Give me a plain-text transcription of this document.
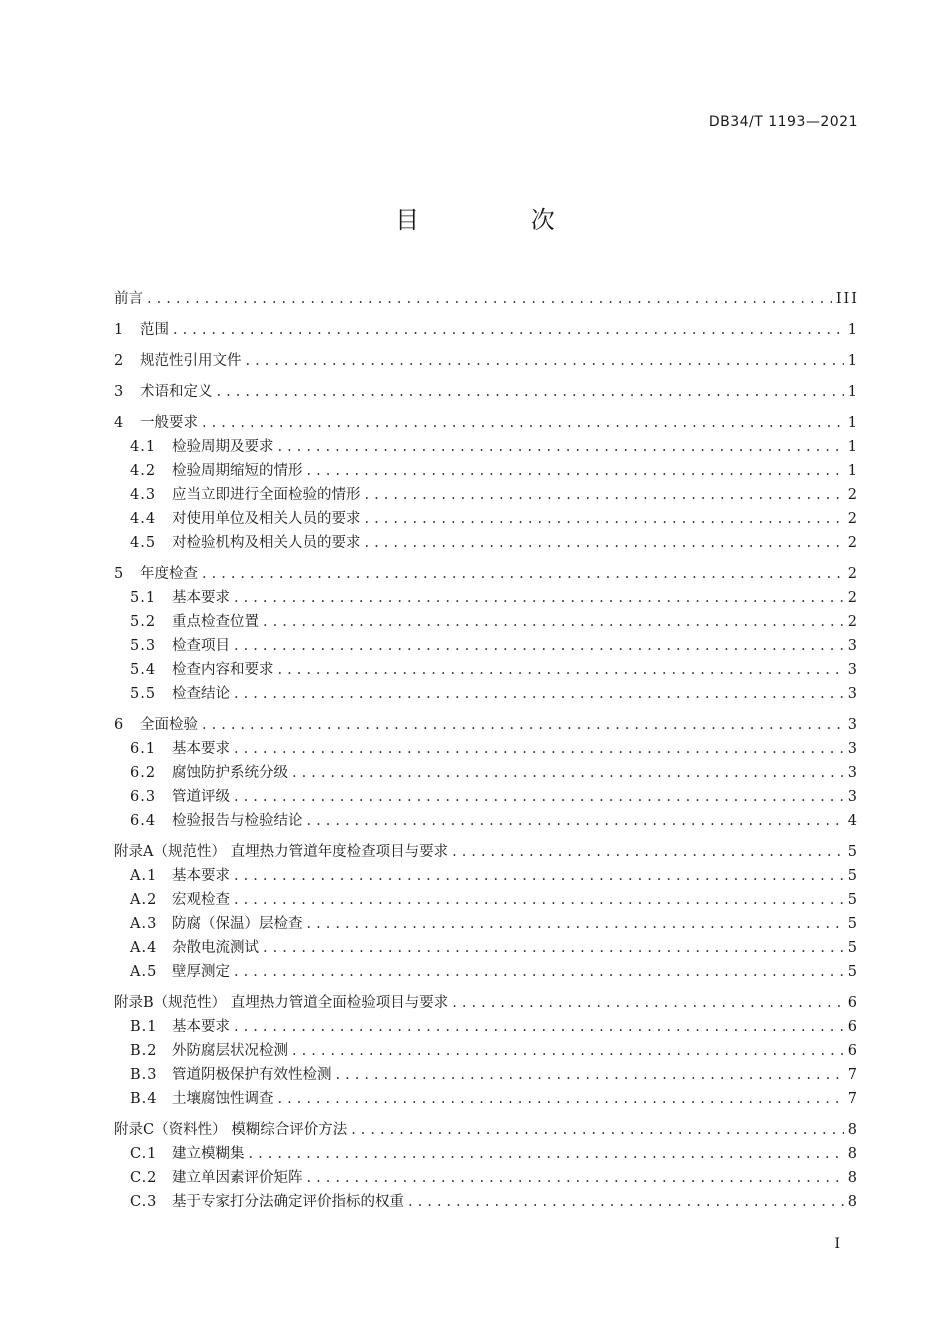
DB34/T 1193—2021
目 次
前言 .....	III
1	范围 .....	1
2	规范性引用文件 .....	1
3	术语和定义 .....	1
4	一般要求 .....	1
4.1	检验周期及要求 .....	1
4.2	检验周期缩短的情形 .....	1
4.3	应当立即进行全面检验的情形 .....	2
4.4	对使用单位及相关人员的要求 .....	2
4.5	对检验机构及相关人员的要求 .....	2
5	年度检查 .....	2
5.1	基本要求 .....	2
5.2	重点检查位置 .....	2
5.3	检查项目 .....	3
5.4	检查内容和要求 .....	3
5.5	检查结论 .....	3
6	全面检验 .....	3
6.1	基本要求 .....	3
6.2	腐蚀防护系统分级 .....	3
6.3	管道评级 .....	3
6.4	检验报告与检验结论 .....	4
附录A（规范性） 直埋热力管道年度检查项目与要求 .....	5
A.1	基本要求 .....	5
A.2	宏观检查 .....	5
A.3	防腐（保温）层检查 .....	5
A.4	杂散电流测试 .....	5
A.5	壁厚测定 .....	5
附录B（规范性） 直埋热力管道全面检验项目与要求 .....	6
B.1	基本要求 .....	6
B.2	外防腐层状况检测 .....	6
B.3	管道阴极保护有效性检测 .....	7
B.4	土壤腐蚀性调查 .....	7
附录C（资料性） 模糊综合评价方法 .....	8
C.1	建立模糊集 .....	8
C.2	建立单因素评价矩阵 .....	8
C.3	基于专家打分法确定评价指标的权重 .....	8
I
